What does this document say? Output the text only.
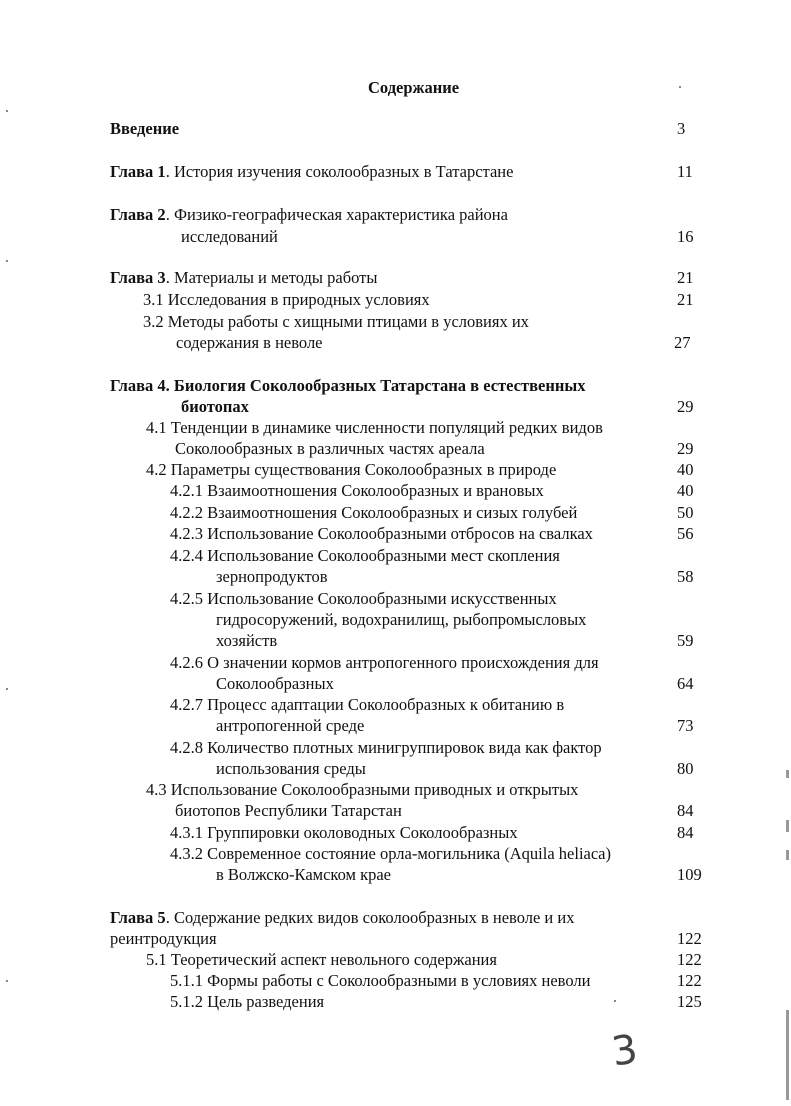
Содержание
Введение	3
Глава 1. История изучения соколообразных в Татарстане	11
Глава 2. Физико-географическая характеристика района
исследований	16
Глава 3. Материалы и методы работы	21
3.1 Исследования в природных условиях	21
3.2 Методы работы с хищными птицами в условиях их
содержания в неволе	27
Глава 4. Биология Соколообразных Татарстана в естественных
биотопах	29
4.1 Тенденции в динамике численности популяций редких видов
Соколообразных в различных частях ареала	29
4.2 Параметры существования Соколообразных в природе	40
4.2.1 Взаимоотношения Соколообразных и врановых	40
4.2.2 Взаимоотношения Соколообразных и сизых голубей	50
4.2.3 Использование Соколообразными отбросов на свалках	56
4.2.4 Использование Соколообразными мест скопления
зернопродуктов	58
4.2.5 Использование Соколообразными искусственных
гидросоружений, водохранилищ, рыбопромысловых
хозяйств	59
4.2.6 О значении кормов антропогенного происхождения для
Соколообразных	64
4.2.7 Процесс адаптации Соколообразных к обитанию в
антропогенной среде	73
4.2.8 Количество плотных минигруппировок вида как фактор
использования среды	80
4.3 Использование Соколообразными приводных и открытых
биотопов Республики Татарстан	84
4.3.1 Группировки околоводных Соколообразных	84
4.3.2 Современное состояние орла-могильника (Aquila heliaca)
в Волжско-Камском крае	109
Глава 5. Содержание редких видов соколообразных в неволе и их
реинтродукция	122
5.1 Теоретический аспект невольного содержания	122
5.1.1 Формы работы с Соколообразными в условиях неволи	122
5.1.2 Цель разведения	125
3
